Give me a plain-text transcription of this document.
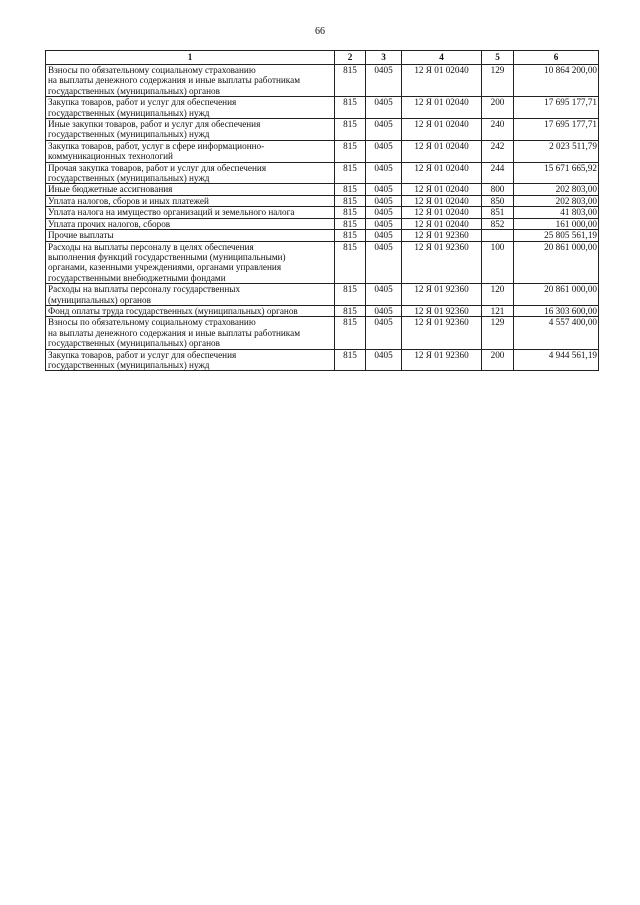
66
1	2	3	4	5	6

Взносы по обязательному социальному страхованию
на выплаты денежного содержания и иные выплаты работникам
государственных (муниципальных) органов	815	0405	12 Я 01 02040	129	10 864 200,00

Закупка товаров, работ и услуг для обеспечения
государственных (муниципальных) нужд	815	0405	12 Я 01 02040	200	17 695 177,71

Иные закупки товаров, работ и услуг для обеспечения
государственных (муниципальных) нужд	815	0405	12 Я 01 02040	240	17 695 177,71

Закупка товаров, работ, услуг в сфере информационно-
коммуникационных технологий	815	0405	12 Я 01 02040	242	2 023 511,79

Прочая закупка товаров, работ и услуг для обеспечения
государственных (муниципальных) нужд	815	0405	12 Я 01 02040	244	15 671 665,92

Иные бюджетные ассигнования	815	0405	12 Я 01 02040	800	202 803,00

Уплата налогов, сборов и иных платежей	815	0405	12 Я 01 02040	850	202 803,00

Уплата налога на имущество организаций и земельного налога	815	0405	12 Я 01 02040	851	41 803,00

Уплата прочих налогов, сборов	815	0405	12 Я 01 02040	852	161 000,00

Прочие выплаты	815	0405	12 Я 01 92360		25 805 561,19

Расходы на выплаты персоналу в целях обеспечения
выполнения функций государственными (муниципальными)
органами, казенными учреждениями, органами управления
государственными внебюджетными фондами	815	0405	12 Я 01 92360	100	20 861 000,00

Расходы на выплаты персоналу государственных
(муниципальных) органов	815	0405	12 Я 01 92360	120	20 861 000,00

Фонд оплаты труда государственных (муниципальных) органов	815	0405	12 Я 01 92360	121	16 303 600,00

Взносы по обязательному социальному страхованию
на выплаты денежного содержания и иные выплаты работникам
государственных (муниципальных) органов	815	0405	12 Я 01 92360	129	4 557 400,00

Закупка товаров, работ и услуг для обеспечения
государственных (муниципальных) нужд	815	0405	12 Я 01 92360	200	4 944 561,19
